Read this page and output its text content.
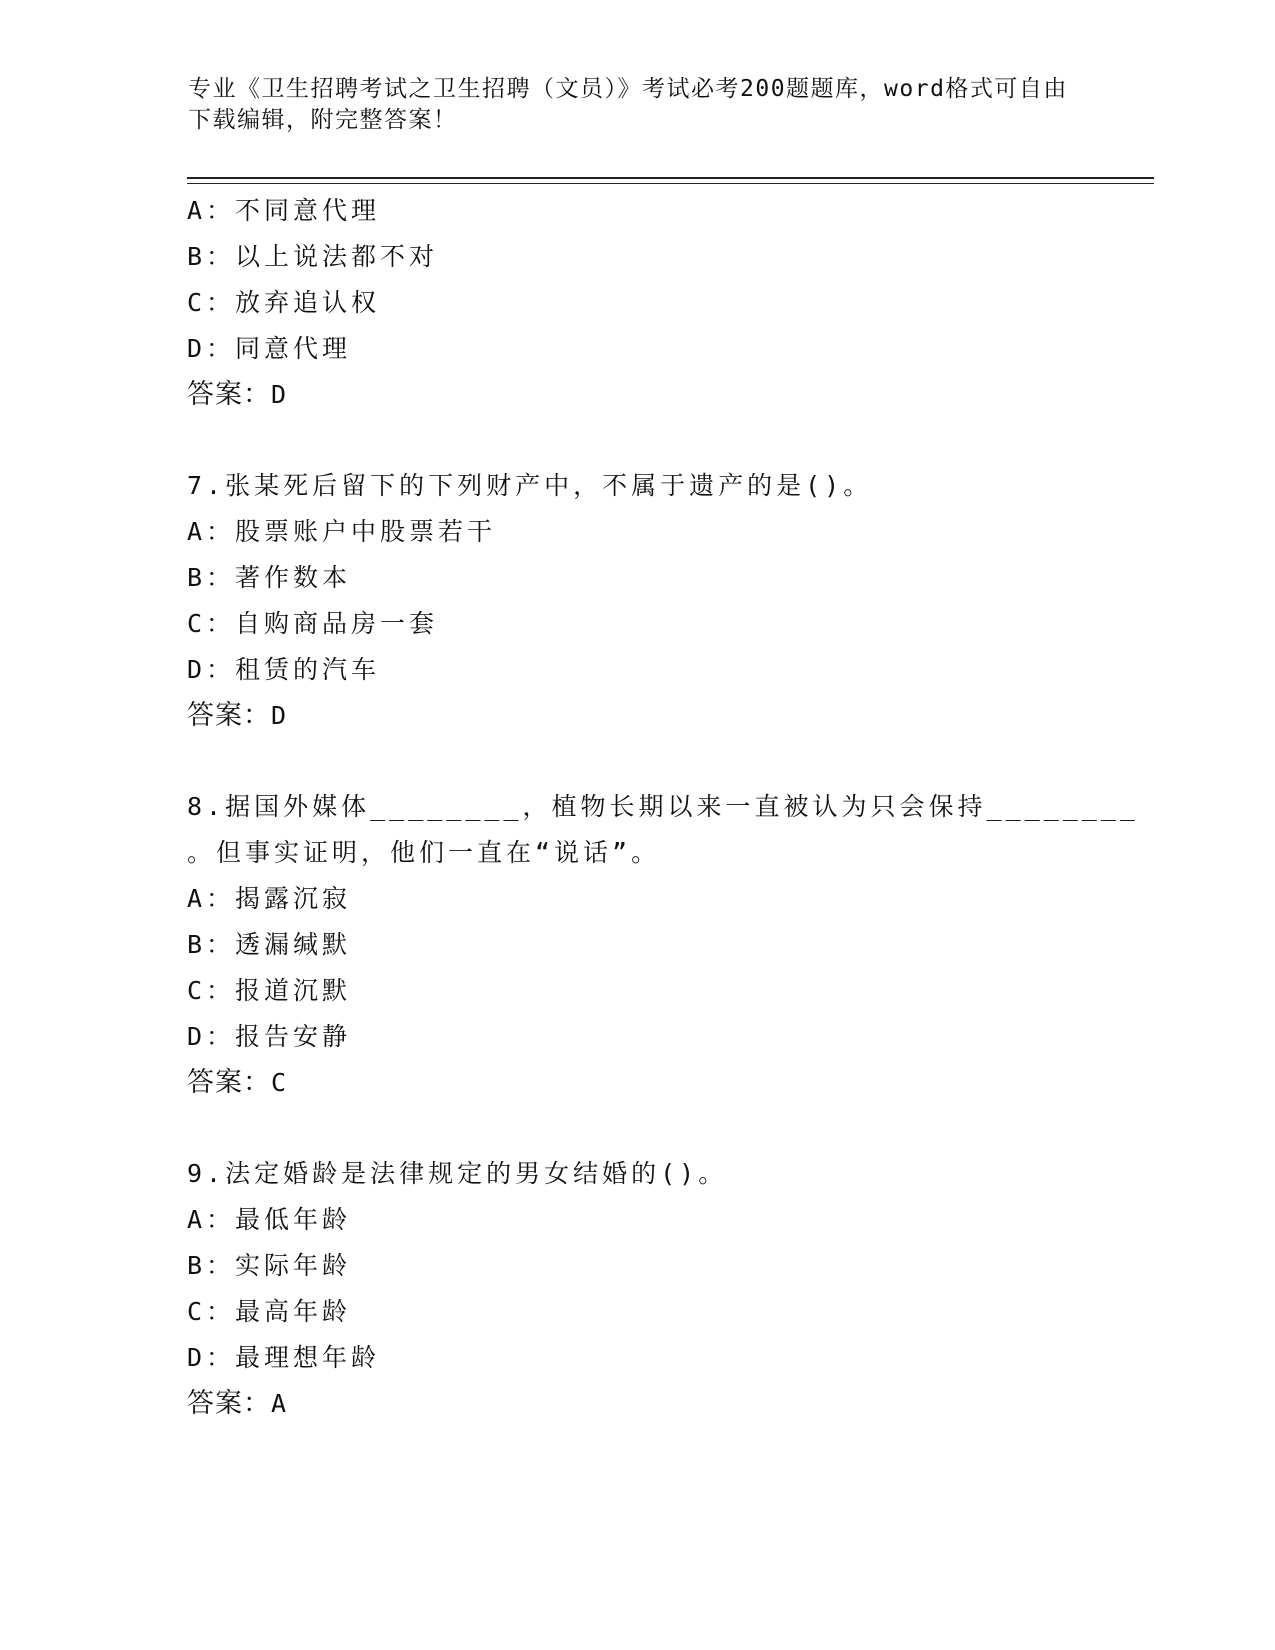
专业《卫生招聘考试之卫生招聘（文员）》考试必考200题题库，word格式可自由下载编辑，附完整答案！
A：不同意代理
B：以上说法都不对
C：放弃追认权
D：同意代理
答案：D
7.张某死后留下的下列财产中，不属于遗产的是()。
A：股票账户中股票若干
B：著作数本
C：自购商品房一套
D：租赁的汽车
答案：D
8.据国外媒体________，植物长期以来一直被认为只会保持________
。但事实证明，他们一直在“说话”。
A：揭露沉寂
B：透漏缄默
C：报道沉默
D：报告安静
答案：C
9.法定婚龄是法律规定的男女结婚的()。
A：最低年龄
B：实际年龄
C：最高年龄
D：最理想年龄
答案：A
